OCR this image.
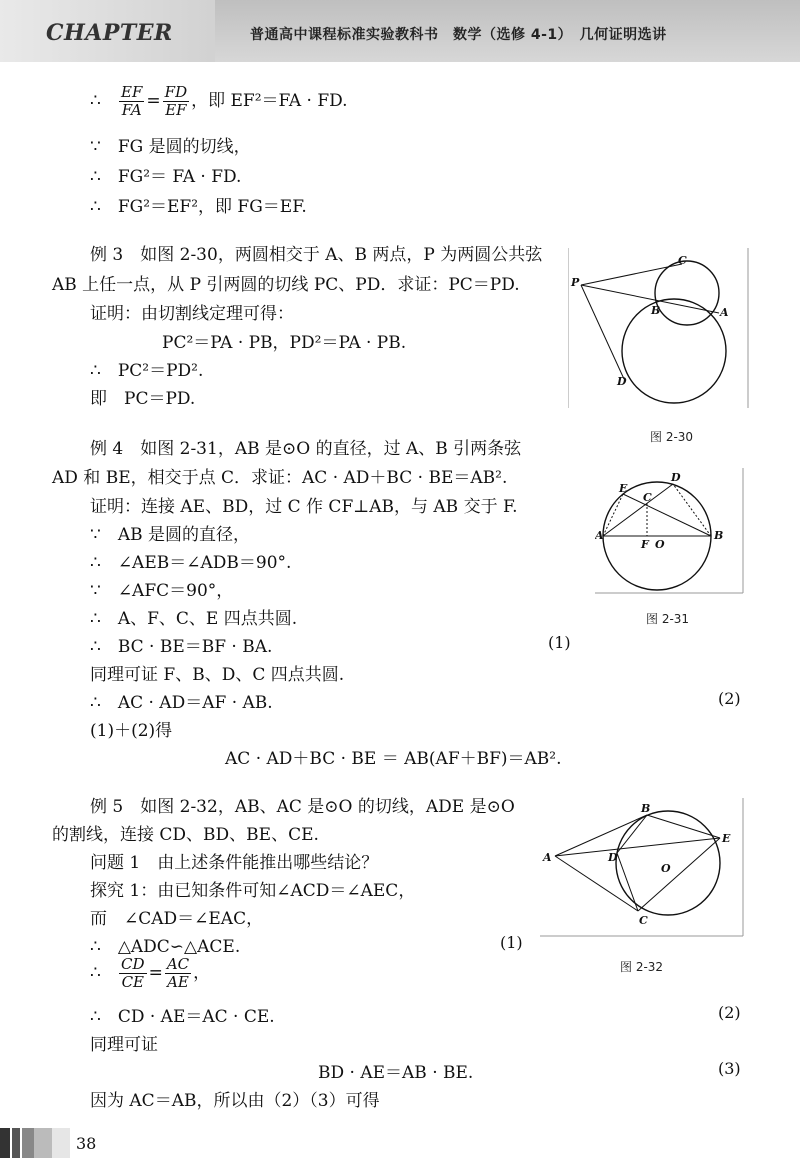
CHAPTER	普通高中课程标准实验教科书　数学（选修 4-1）　几何证明选讲
∴ $\frac{EF}{FA} = \frac{FD}{EF}$ ，即 EF²＝FA · FD.
∵　FG 是圆的切线，
∴　FG²＝ FA · FD.
∴　FG²＝EF²，即 FG＝EF.
例 3　如图 2-30，两圆相交于 A、B 两点，P 为两圆公共弦
AB 上任一点，从 P 引两圆的切线 PC、PD．求证：PC＝PD.
证明：由切割线定理可得：
PC²＝PA · PB，PD²＝PA · PB.
∴　PC²＝PD².
即　PC＝PD.
P
C
B	A
D
图 2-30
例 4　如图 2-31，AB 是⊙O 的直径，过 A、B 引两条弦
AD 和 BE，相交于点 C．求证：AC · AD＋BC · BE＝AB².
证明：连接 AE、BD，过 C 作 CF⊥AB，与 AB 交于 F.
∵　AB 是圆的直径，
∴　∠AEB＝∠ADB＝90°.
∵　∠AFC＝90°，
∴　A、F、C、E 四点共圆.
∴　BC · BE＝BF · BA.	(1)
同理可证 F、B、D、C 四点共圆.
∴　AC · AD＝AF · AB.	(2)
(1)＋(2)得
AC · AD＋BC · BE ＝ AB(AF＋BF)＝AB².
E
C
D
A
F O
B
图 2-31
例 5　如图 2-32，AB、AC 是⊙O 的切线，ADE 是⊙O
的割线，连接 CD、BD、BE、CE.
问题 1　由上述条件能推出哪些结论？
探究 1：由已知条件可知∠ACD＝∠AEC，
而　∠CAD＝∠EAC，
∴　△ADC∽△ACE.	(1)
∴ $\frac{CD}{CE} = \frac{AC}{AE}$ ，
∴　CD · AE＝AC · CE.	(2)
同理可证
BD · AE＝AB · BE.	(3)
因为 AC＝AB，所以由（2）（3）可得
A
B
D
E
O
C
图 2-32
38
